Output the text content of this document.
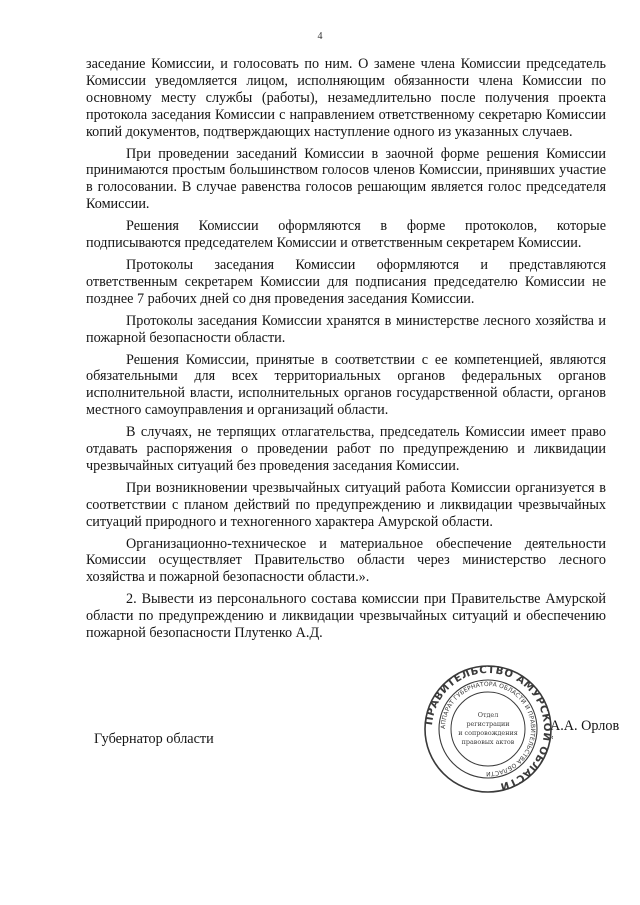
4

заседание Комиссии, и голосовать по ним. О замене члена Комиссии председатель Комиссии уведомляется лицом, исполняющим обязанности члена Комиссии по основному месту службы (работы), незамедлительно после получения проекта протокола заседания Комиссии с направлением ответственному секретарю Комиссии копий документов, подтверждающих наступление одного из указанных случаев.

При проведении заседаний Комиссии в заочной форме решения Комиссии принимаются простым большинством голосов членов Комиссии, принявших участие в голосовании. В случае равенства голосов решающим является голос председателя Комиссии.

Решения Комиссии оформляются в форме протоколов, которые подписываются председателем Комиссии и ответственным секретарем Комиссии.

Протоколы заседания Комиссии оформляются и представляются ответственным секретарем Комиссии для подписания председателю Комиссии не позднее 7 рабочих дней со дня проведения заседания Комиссии.

Протоколы заседания Комиссии хранятся в министерстве лесного хозяйства и пожарной безопасности области.

Решения Комиссии, принятые в соответствии с ее компетенцией, являются обязательными для всех территориальных органов федеральных органов исполнительной власти, исполнительных органов государственной области, органов местного самоуправления и организаций области.

В случаях, не терпящих отлагательства, председатель Комиссии имеет право отдавать распоряжения о проведении работ по предупреждению и ликвидации чрезвычайных ситуаций без проведения заседания Комиссии.

При возникновении чрезвычайных ситуаций работа Комиссии организуется в соответствии с планом действий по предупреждению и ликвидации чрезвычайных ситуаций природного и техногенного характера Амурской области.

Организационно-техническое и материальное обеспечение деятельности Комиссии осуществляет Правительство области через министерство лесного хозяйства и пожарной безопасности области.».

2. Вывести из персонального состава комиссии при Правительстве Амурской области по предупреждению и ликвидации чрезвычайных ситуаций и обеспечению пожарной безопасности Плутенко А.Д.

Губернатор области
А.А. Орлов
ПРАВИТЕЛЬСТВО АМУРСКОЙ ОБЛАСТИ
АППАРАТ ГУБЕРНАТОРА ОБЛАСТИ И ПРАВИТЕЛЬСТВА ОБЛАСТИ
Отдел
регистрации
и сопровождения
правовых актов
